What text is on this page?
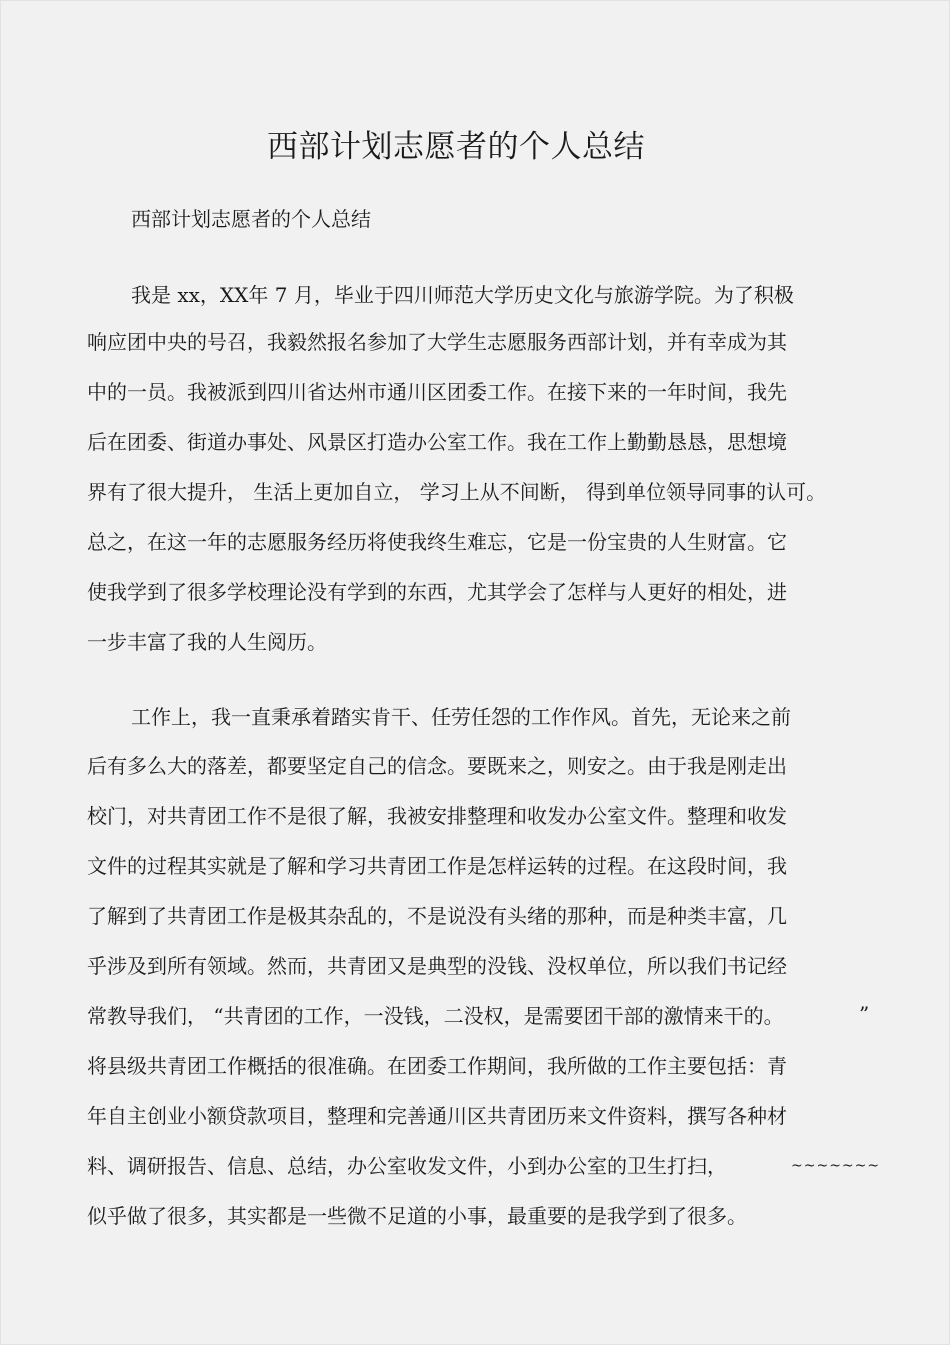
西部计划志愿者的个人总结
西部计划志愿者的个人总结
我是 xx，XX年 7 月，毕业于四川师范大学历史文化与旅游学院。为了积极
响应团中央的号召，我毅然报名参加了大学生志愿服务西部计划，并有幸成为其
中的一员。我被派到四川省达州市通川区团委工作。在接下来的一年时间，我先
后在团委、街道办事处、风景区打造办公室工作。我在工作上勤勤恳恳，思想境
界有了很大提升， 生活上更加自立， 学习上从不间断， 得到单位领导同事的认可。
总之，在这一年的志愿服务经历将使我终生难忘，它是一份宝贵的人生财富。它
使我学到了很多学校理论没有学到的东西，尤其学会了怎样与人更好的相处，进
一步丰富了我的人生阅历。
工作上，我一直秉承着踏实肯干、任劳任怨的工作作风。首先，无论来之前
后有多么大的落差，都要坚定自己的信念。要既来之，则安之。由于我是刚走出
校门，对共青团工作不是很了解，我被安排整理和收发办公室文件。整理和收发
文件的过程其实就是了解和学习共青团工作是怎样运转的过程。在这段时间，我
了解到了共青团工作是极其杂乱的，不是说没有头绪的那种，而是种类丰富，几
乎涉及到所有领域。然而，共青团又是典型的没钱、没权单位，所以我们书记经
常教导我们， “共青团的工作，一没钱，二没权，是需要团干部的激情来干的。	”
将县级共青团工作概括的很准确。在团委工作期间，我所做的工作主要包括：青
年自主创业小额贷款项目，整理和完善通川区共青团历来文件资料，撰写各种材
料、调研报告、信息、总结，办公室收发文件，小到办公室的卫生打扫，	~~~~~~~
似乎做了很多，其实都是一些微不足道的小事，最重要的是我学到了很多。
